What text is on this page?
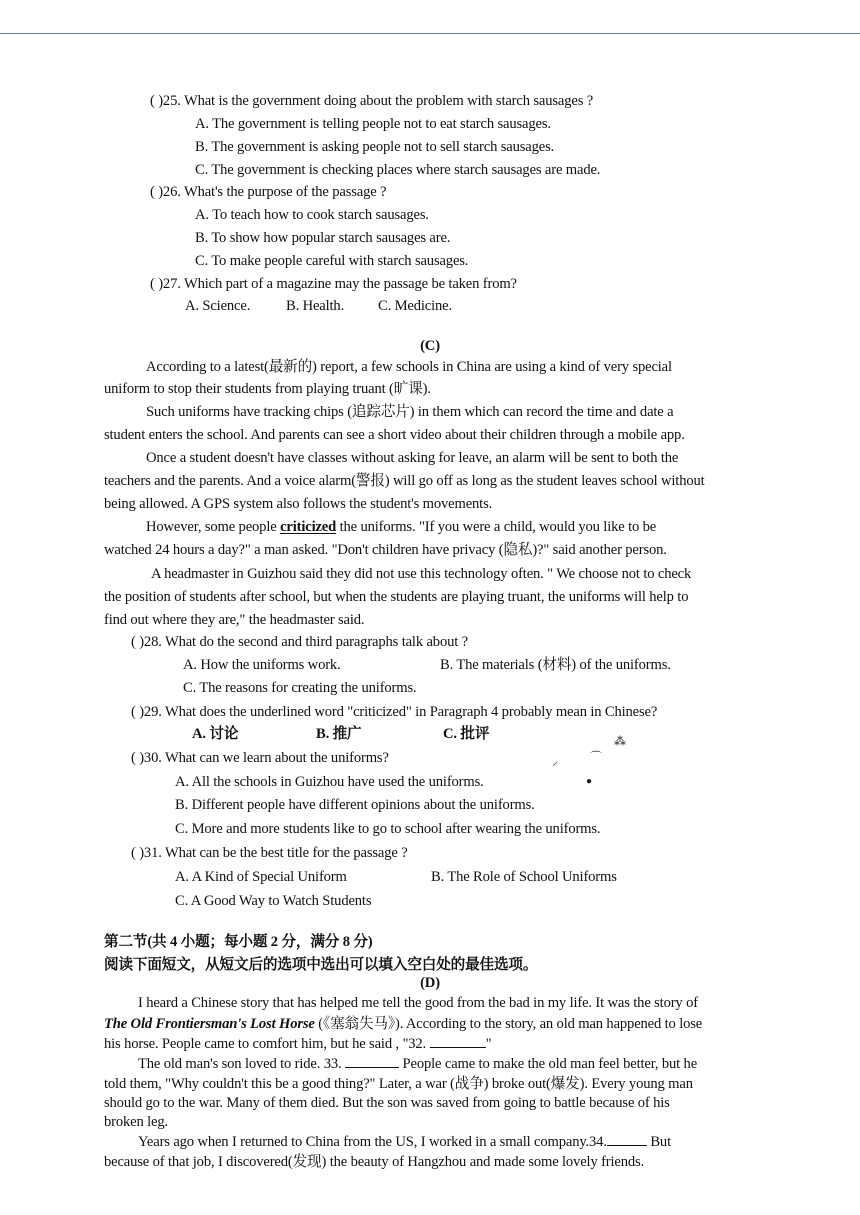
( )25. What is the government doing about the problem with starch sausages ?
A. The government is telling people not to eat starch sausages.
B. The government is asking people not to sell starch sausages.
C. The government is checking places where starch sausages are made.
( )26. What's the purpose of the passage ?
A. To teach how to cook starch sausages.
B. To show how popular starch sausages are.
C. To make people careful with starch sausages.
( )27. Which part of a magazine may the passage be taken from?
A. Science. B. Health. C. Medicine.
(C)
According to a latest(最新的) report, a few schools in China are using a kind of very special
uniform to stop their students from playing truant (旷课).
Such uniforms have tracking chips (追踪芯片) in them which can record the time and date a
student enters the school. And parents can see a short video about their children through a mobile app.
Once a student doesn't have classes without asking for leave, an alarm will be sent to both the
teachers and the parents. And a voice alarm(警报) will go off as long as the student leaves school without
being allowed. A GPS system also follows the student's movements.
However, some people criticized the uniforms. "If you were a child, would you like to be
watched 24 hours a day?" a man asked. "Don't children have privacy (隐私)?" said another person.
A headmaster in Guizhou said they did not use this technology often. " We choose not to check
the position of students after school, but when the students are playing truant, the uniforms will help to
find out where they are," the headmaster said.
( )28. What do the second and third paragraphs talk about ?
A. How the uniforms work.	B. The materials (材料) of the uniforms.
C. The reasons for creating the uniforms.
( )29. What does the underlined word "criticized" in Paragraph 4 probably mean in Chinese?
A. 讨论	B. 推广	C. 批评
( )30. What can we learn about the uniforms?
A. All the schools in Guizhou have used the uniforms.
B. Different people have different opinions about the uniforms.
C. More and more students like to go to school after wearing the uniforms.
( )31. What can be the best title for the passage ?
A. A Kind of Special Uniform	B. The Role of School Uniforms
C. A Good Way to Watch Students
⸝	⌒
⁂
●
第二节(共 4 小题；每小题 2 分，满分 8 分)
阅读下面短文，从短文后的选项中选出可以填入空白处的最佳选项。
(D)
I heard a Chinese story that has helped me tell the good from the bad in my life. It was the story of
The Old Frontiersman's Lost Horse (《塞翁失马》). According to the story, an old man happened to lose
his horse. People came to comfort him, but he said , "32.	"
The old man's son loved to ride. 33.	People came to make the old man feel better, but he
told them, "Why couldn't this be a good thing?" Later, a war (战争) broke out(爆发). Every young man
should go to the war. Many of them died. But the son was saved from going to battle because of his
broken leg.
Years ago when I returned to China from the US, I worked in a small company.34.	But
because of that job, I discovered(发现) the beauty of Hangzhou and made some lovely friends.
